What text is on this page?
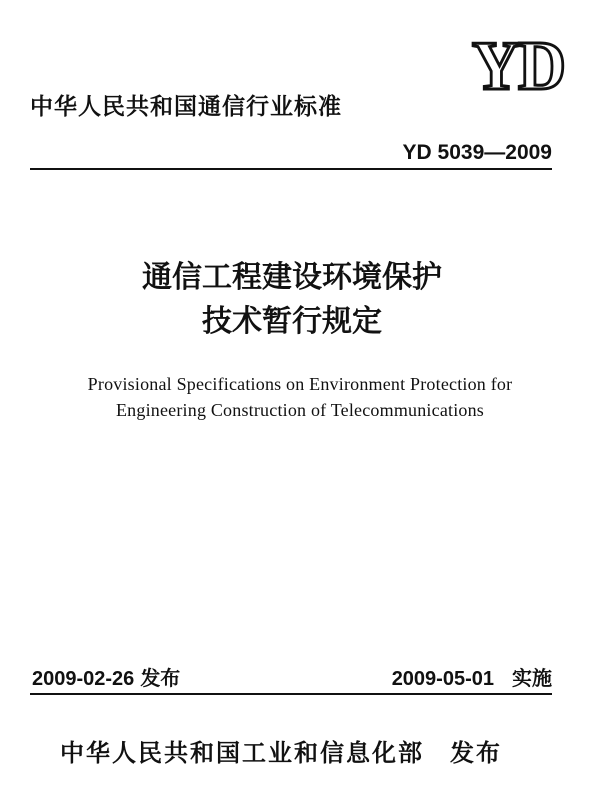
YD
中华人民共和国通信行业标准
YD 5039—2009
通信工程建设环境保护
技术暂行规定
Provisional Specifications on Environment Protection for
Engineering Construction of Telecommunications
2009-02-26 发布	2009-05-01 实施
中华人民共和国工业和信息化部 发布
